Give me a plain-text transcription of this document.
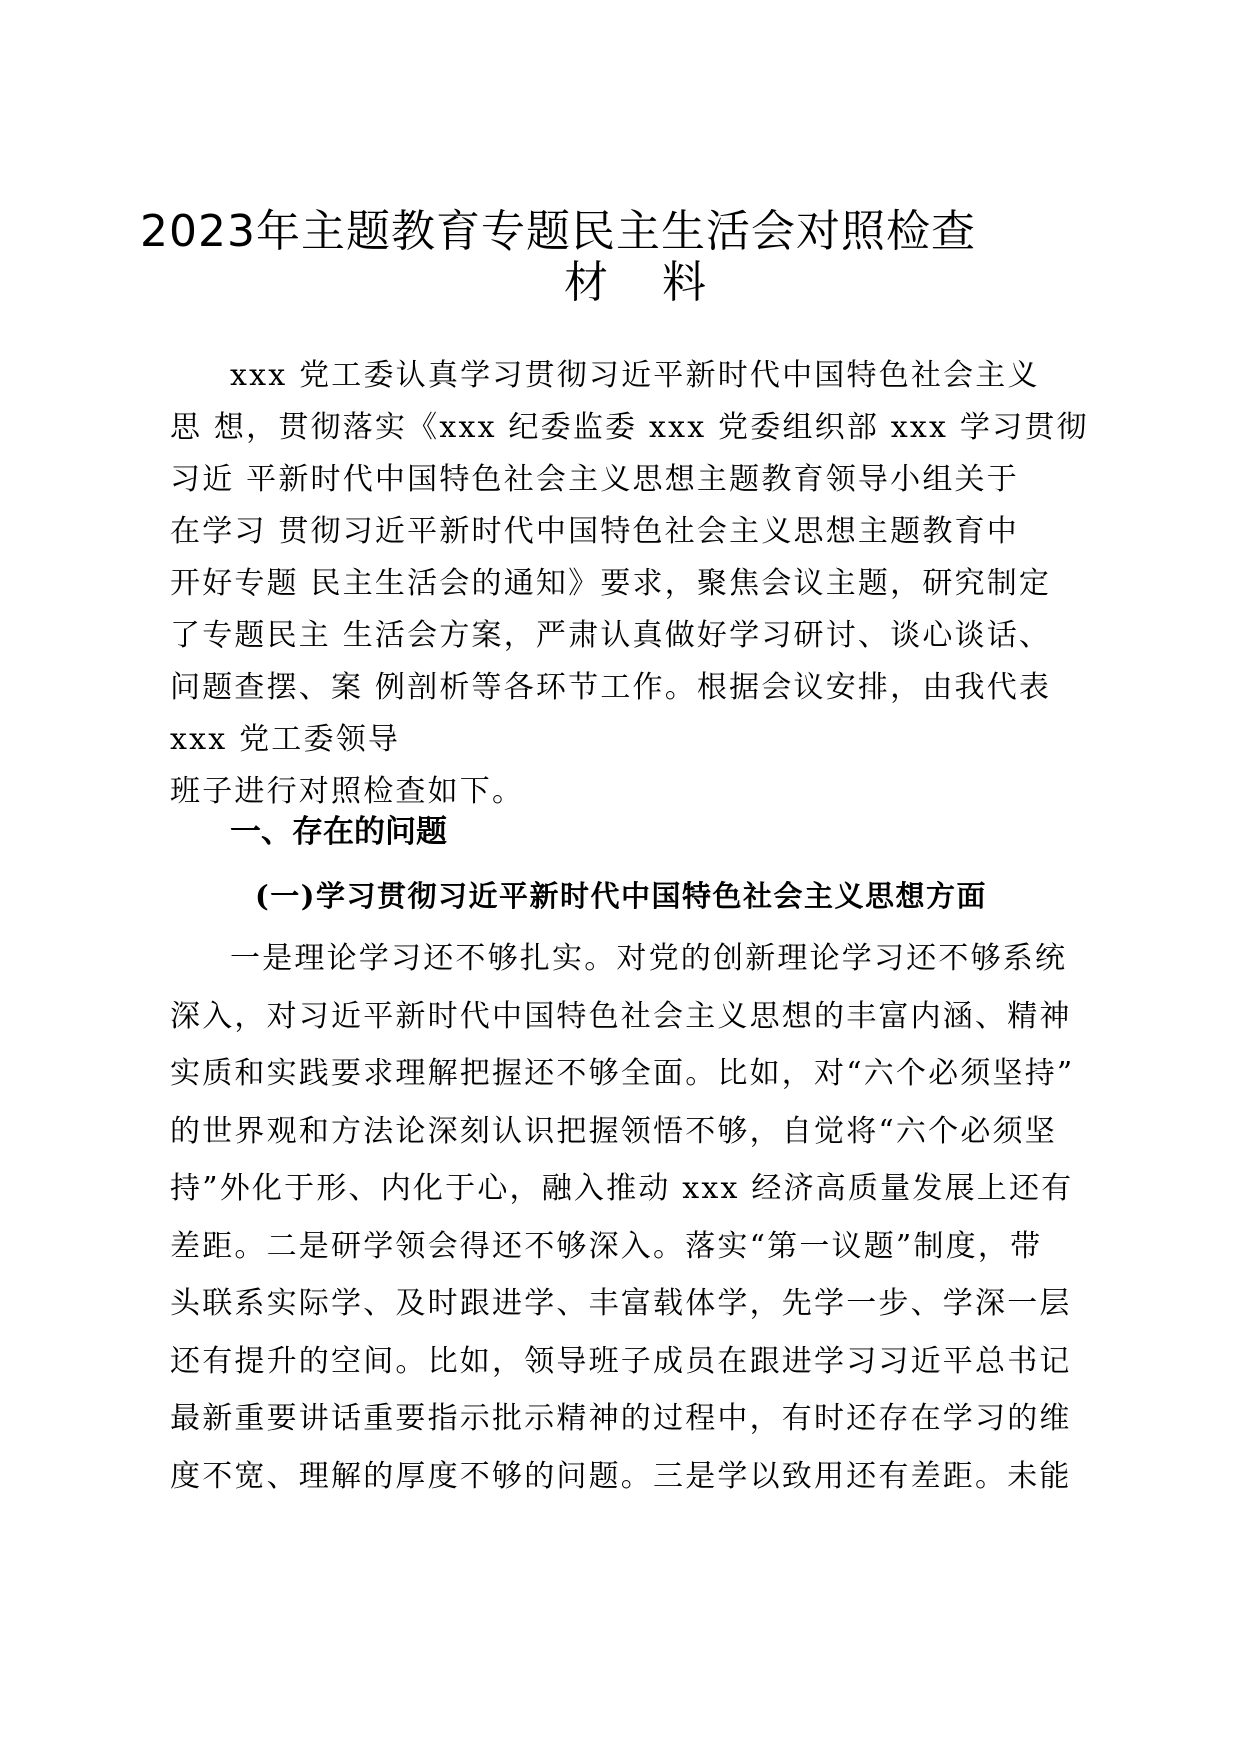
2023年主题教育专题民主生活会对照检查
材 料
xxx 党工委认真学习贯彻习近平新时代中国特色社会主义
思 想，贯彻落实《xxx 纪委监委 xxx 党委组织部 xxx 学习贯彻
习近 平新时代中国特色社会主义思想主题教育领导小组关于
在学习 贯彻习近平新时代中国特色社会主义思想主题教育中
开好专题 民主生活会的通知》要求，聚焦会议主题，研究制定
了专题民主 生活会方案，严肃认真做好学习研讨、谈心谈话、
问题查摆、案 例剖析等各环节工作。根据会议安排，由我代表
xxx 党工委领导
班子进行对照检查如下。
一、存在的问题
(一)学习贯彻习近平新时代中国特色社会主义思想方面
一是理论学习还不够扎实。对党的创新理论学习还不够系统
深入，对习近平新时代中国特色社会主义思想的丰富内涵、精神
实质和实践要求理解把握还不够全面。比如，对“六个必须坚持”
的世界观和方法论深刻认识把握领悟不够，自觉将“六个必须坚
持”外化于形、内化于心，融入推动 xxx 经济高质量发展上还有
差距。二是研学领会得还不够深入。落实“第一议题”制度，带
头联系实际学、及时跟进学、丰富载体学，先学一步、学深一层
还有提升的空间。比如，领导班子成员在跟进学习习近平总书记
最新重要讲话重要指示批示精神的过程中，有时还存在学习的维
度不宽、理解的厚度不够的问题。三是学以致用还有差距。未能
